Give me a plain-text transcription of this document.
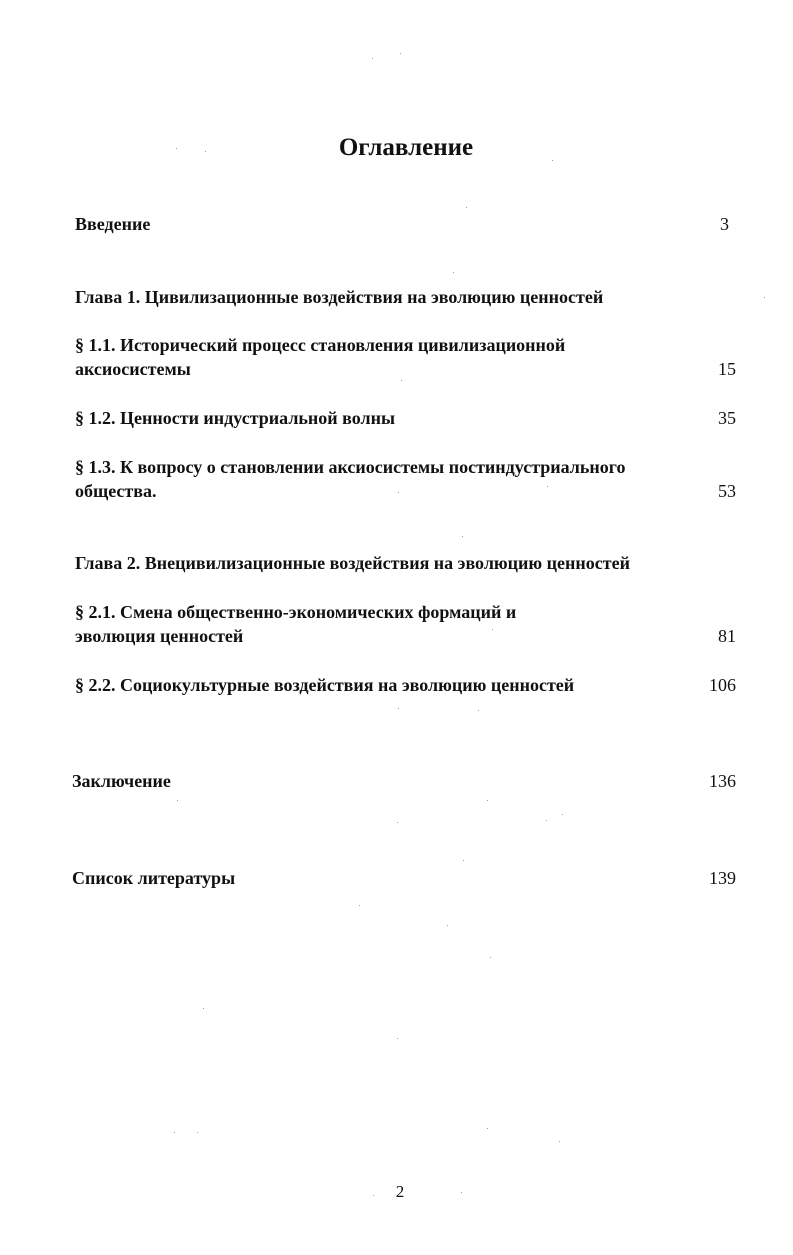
Оглавление
Введение	3
Глава 1. Цивилизационные воздействия на эволюцию ценностей
§ 1.1. Исторический процесс становления цивилизационной
аксиосистемы	15
§ 1.2. Ценности индустриальной волны	35
§ 1.3. К вопросу о становлении аксиосистемы постиндустриального
общества.	53
Глава 2. Внецивилизационные воздействия на эволюцию ценностей
§ 2.1. Смена общественно-экономических формаций и
эволюция ценностей	81
§ 2.2. Социокультурные воздействия на эволюцию ценностей	106
Заключение	136
Список литературы	139
2
